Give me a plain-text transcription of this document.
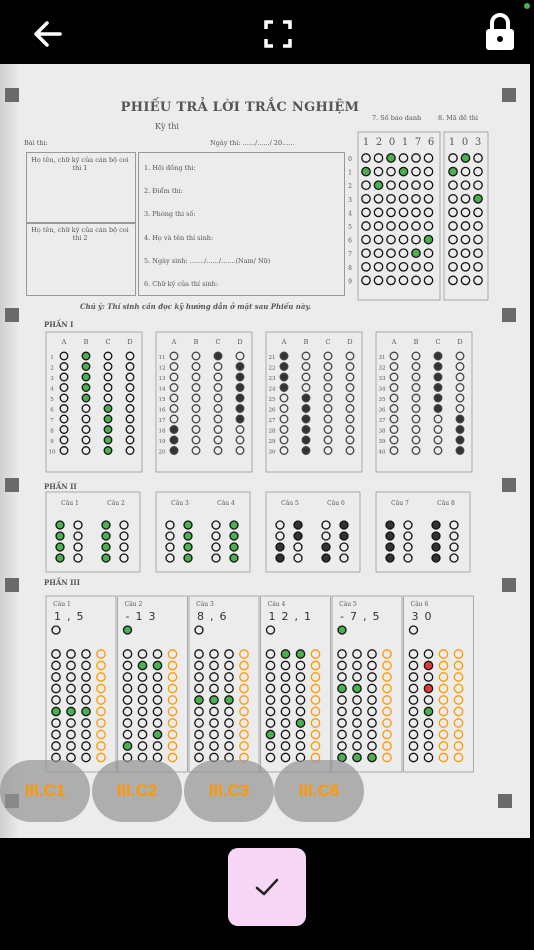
PHIẾU TRẢ LỜI TRẮC NGHIỆM
Kỳ thi
Bài thi:	Ngày thi: ....../....../ 20......
7. Số báo danh	8. Mã đề thi
Họ tên, chữ ký của cán bộ coi thi 1
Họ tên, chữ ký của cán bộ coi thi 2
1. Hội đồng thi:
2. Điểm thi:
3. Phòng thi số:
4. Họ và tên thí sinh:
5. Ngày sinh: ......./....../.......(Nam/ Nữ)
6. Chữ ký của thí sinh:
Chú ý: Thí sinh cần đọc kỹ hướng dẫn ở mặt sau Phiếu này.
PHẦN I
PHẦN II
PHẦN III
1 2 0 1 7 6 1 0 3
0
1
2
3
4
5
6
7
8
9
A	B	C	D
1
2
3
4
5
6
7
8
9
10
A	B	C	D
11
12
13
14
15
16
17
18
19
20
A	B	C	D
21
22
23
24
25
26
27
28
29
30
A	B	C	D
31
32
33
34
35
36
37
38
39
40
Câu 1	Câu 2	Câu 3	Câu 4	Câu 5	Câu 6	Câu 7	Câu 8
Câu 1
1,5
Câu 2
-13
Câu 3
8,6
Câu 4
12,1
Câu 5
-7,5
Câu 6
30
III.C1	III.C2	III.C3	III.C6
